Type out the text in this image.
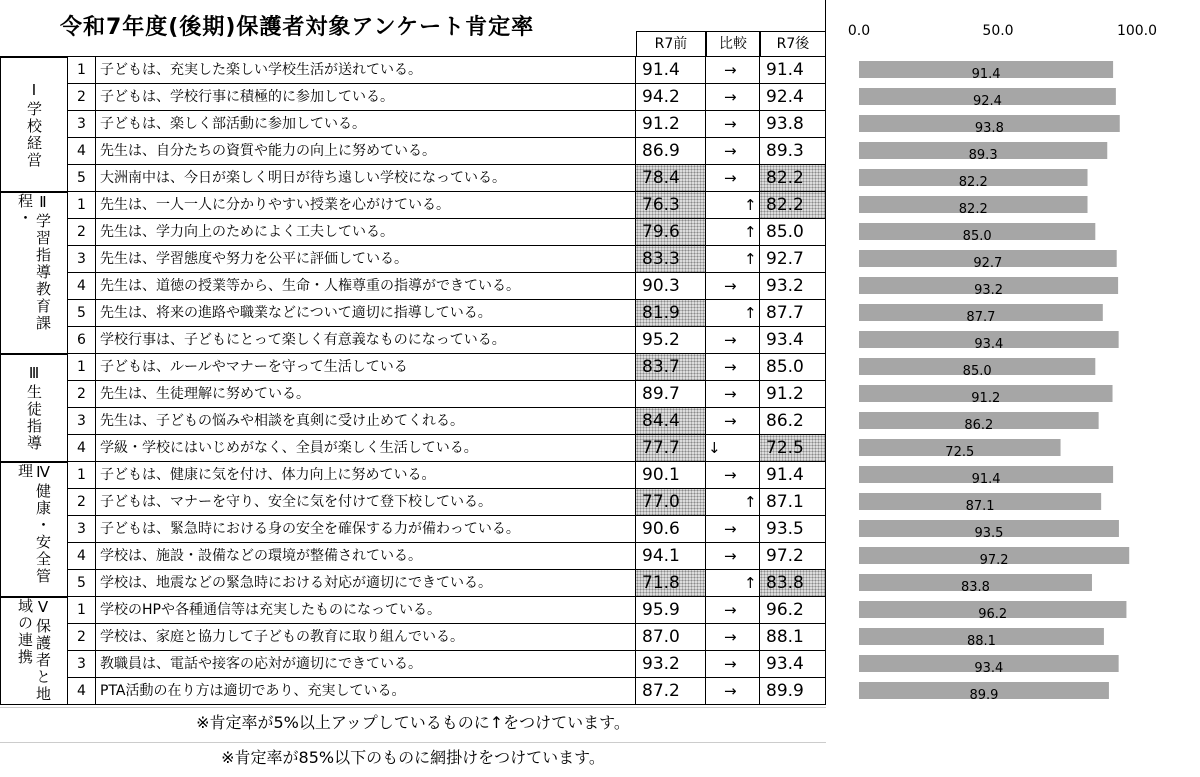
令和7年度(後期)保護者対象アンケート肯定率
R7前	比較	R7後
1	子どもは、充実した楽しい学校生活が送れている。	91.4	→	91.4
2	子どもは、学校行事に積極的に参加している。	94.2	→	92.4
3	子どもは、楽しく部活動に参加している。	91.2	→	93.8
4	先生は、自分たちの資質や能力の向上に努めている。	86.9	→	89.3
5	大洲南中は、今日が楽しく明日が待ち遠しい学校になっている。	78.4	→	82.2
1	先生は、一人一人に分かりやすい授業を心がけている。	76.3	↑ 82.2
2	先生は、学力向上のためによく工夫している。	79.6	↑ 85.0
3	先生は、学習態度や努力を公平に評価している。	83.3	↑ 92.7
4	先生は、道徳の授業等から、生命・人権尊重の指導ができている。	90.3	→	93.2
5	先生は、将来の進路や職業などについて適切に指導している。	81.9	↑ 87.7
6	学校行事は、子どもにとって楽しく有意義なものになっている。	95.2	→	93.4
1	子どもは、ルールやマナーを守って生活している	83.7	→	85.0
2	先生は、生徒理解に努めている。	89.7	→	91.2
3	先生は、子どもの悩みや相談を真剣に受け止めてくれる。	84.4	→	86.2
4	学級・学校にはいじめがなく、全員が楽しく生活している。	77.7	↓	72.5
1	子どもは、健康に気を付け、体力向上に努めている。	90.1	→	91.4
2	子どもは、マナーを守り、安全に気を付けて登下校している。	77.0	↑ 87.1
3	子どもは、緊急時における身の安全を確保する力が備わっている。	90.6	→	93.5
4	学校は、施設・設備などの環境が整備されている。	94.1	→	97.2
5	学校は、地震などの緊急時における対応が適切にできている。	71.8	↑ 83.8
1	学校のHPや各種通信等は充実したものになっている。	95.9	→	96.2
2	学校は、家庭と協力して子どもの教育に取り組んでいる。	87.0	→	88.1
3	教職員は、電話や接客の応対が適切にできている。	93.2	→	93.4
4	PTA活動の在り方は適切であり、充実している。	87.2	→	89.9
※肯定率が5%以上アップしているものに↑をつけています。
※肯定率が85%以下のものに網掛けをつけています。
0.0	50.0	100.0
91.4
92.4
93.8
89.3
82.2
82.2
85.0
92.7
93.2
87.7
93.4
85.0
91.2
86.2
72.5
91.4
87.1
93.5
97.2
83.8
96.2
88.1
93.4
89.9
Ⅰ学校経営
Ⅱ学習指導教育課程・
Ⅲ生徒指導
Ⅳ健康・安全管理
Ⅴ保護者と地域の連携
